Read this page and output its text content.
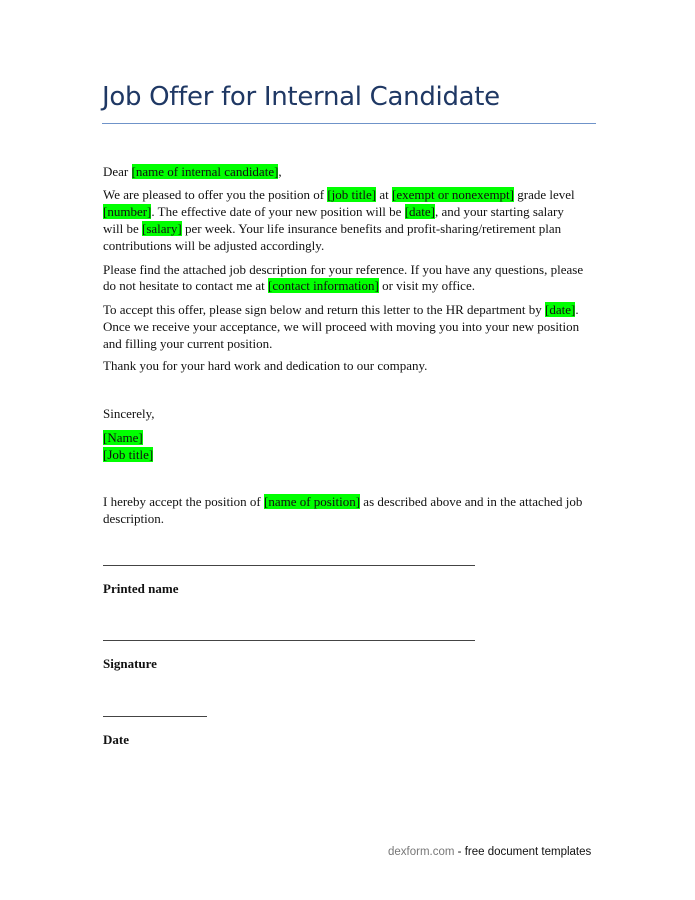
Job Offer for Internal Candidate
Dear [name of internal candidate],
We are pleased to offer you the position of [job title] at [exempt or nonexempt] grade level
[number]. The effective date of your new position will be [date], and your starting salary
will be [salary] per week. Your life insurance benefits and profit-sharing/retirement plan
contributions will be adjusted accordingly.
Please find the attached job description for your reference. If you have any questions, please
do not hesitate to contact me at [contact information] or visit my office.
To accept this offer, please sign below and return this letter to the HR department by [date].
Once we receive your acceptance, we will proceed with moving you into your new position
and filling your current position.
Thank you for your hard work and dedication to our company.
Sincerely,
[Name]
[Job title]
I hereby accept the position of [name of position] as described above and in the attached job
description.
Printed name
Signature
Date
dexform.com - free document templates
